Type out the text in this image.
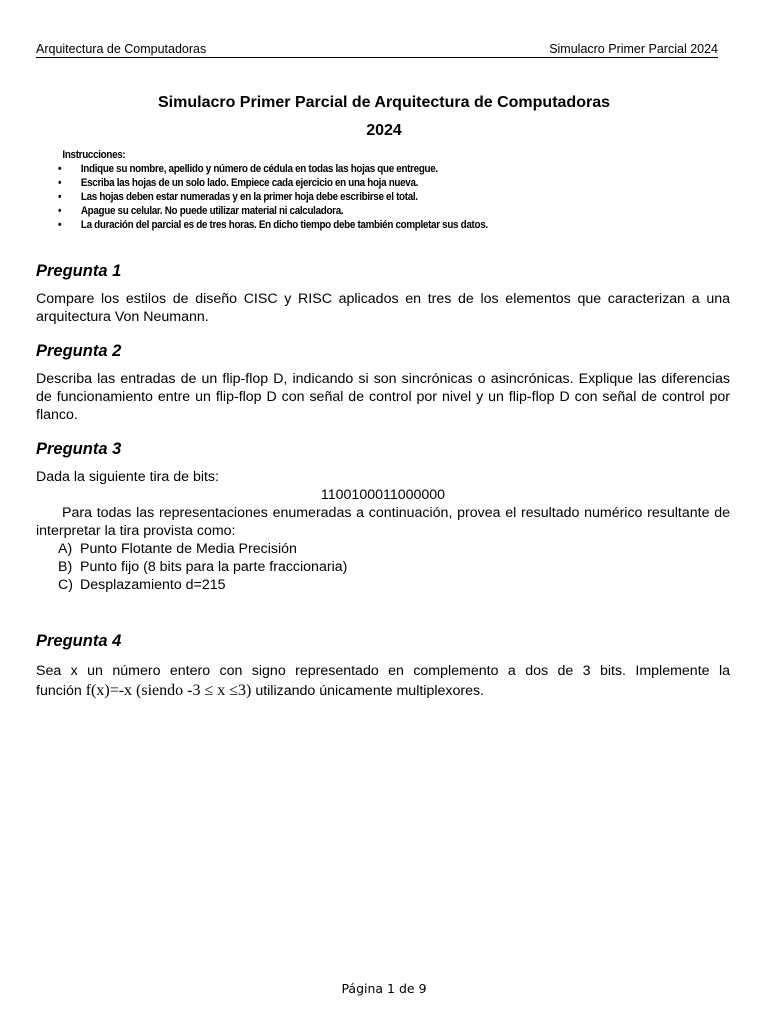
Arquitectura de Computadoras	Simulacro Primer Parcial 2024
Simulacro Primer Parcial de Arquitectura de Computadoras
2024
Instrucciones:
• Indique su nombre, apellido y número de cédula en todas las hojas que entregue.
• Escriba las hojas de un solo lado. Empiece cada ejercicio en una hoja nueva.
• Las hojas deben estar numeradas y en la primer hoja debe escribirse el total.
• Apague su celular. No puede utilizar material ni calculadora.
• La duración del parcial es de tres horas. En dicho tiempo debe también completar sus datos.
Pregunta 1
Compare los estilos de diseño CISC y RISC aplicados en tres de los elementos que caracterizan a una arquitectura Von Neumann.
Pregunta 2
Describa las entradas de un flip-flop D, indicando si son sincrónicas o asincrónicas. Explique las diferencias de funcionamiento entre un flip-flop D con señal de control por nivel y un flip-flop D con señal de control por flanco.
Pregunta 3
Dada la siguiente tira de bits:
1100100011000000
Para todas las representaciones enumeradas a continuación, provea el resultado numérico resultante de interpretar la tira provista como:
A) Punto Flotante de Media Precisión
B) Punto fijo (8 bits para la parte fraccionaria)
C) Desplazamiento d=215
Pregunta 4
Sea x un número entero con signo representado en complemento a dos de 3 bits. Implemente la
función f(x)=-x (siendo -3 ≤ x ≤3) utilizando únicamente multiplexores.
Página 1 de 9
